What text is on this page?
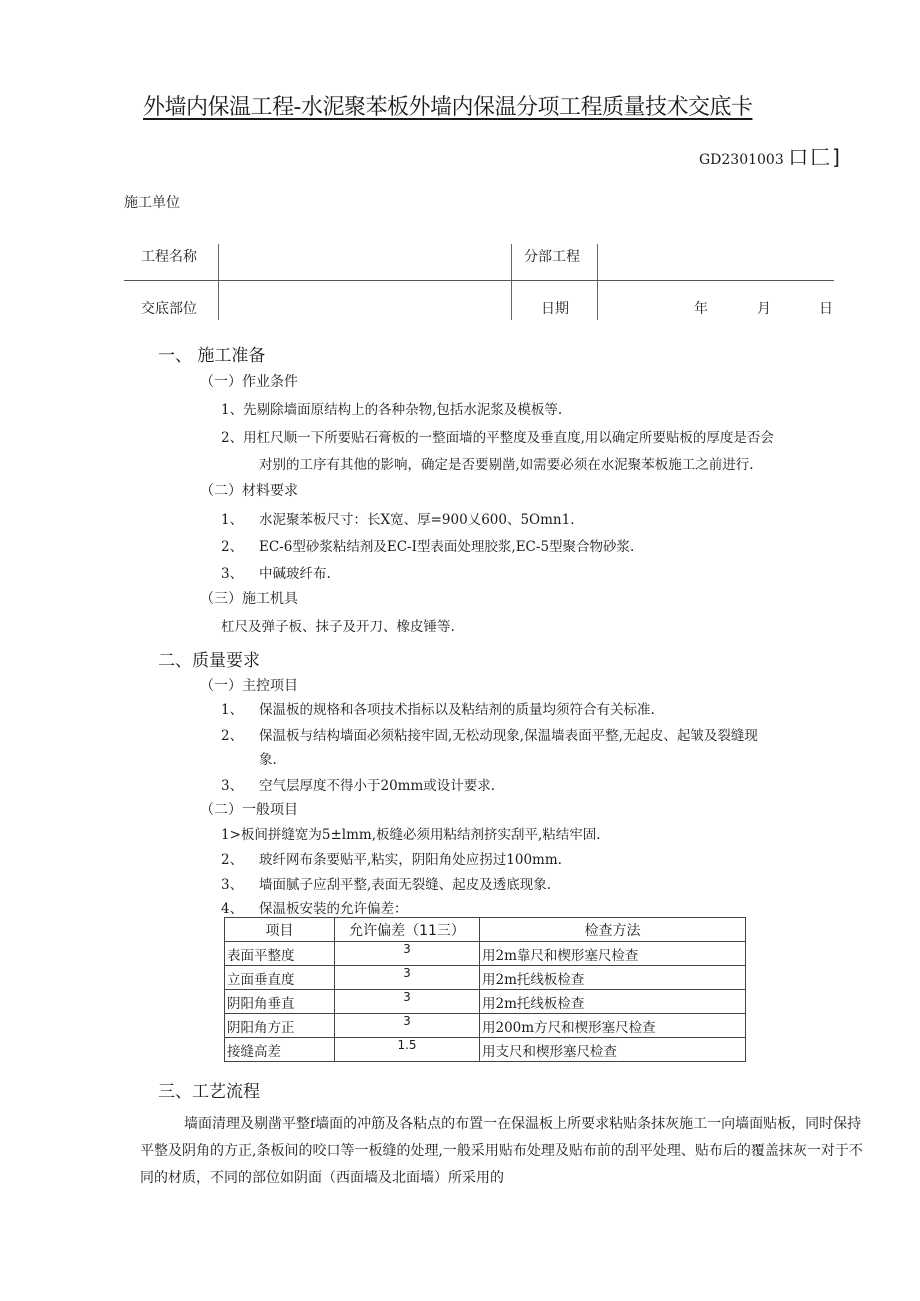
外墙内保温工程-水泥聚苯板外墙内保温分项工程质量技术交底卡
GD2301003 口匚]
施工单位
工程名称	分部工程
交底部位	日期	年	月	日
一、 施工准备
（一）作业条件
1、先剔除墙面原结构上的各种杂物,包括水泥浆及模板等.
2、用杠尺顺一下所要贴石膏板的一整面墙的平整度及垂直度,用以确定所要贴板的厚度是否会
对别的工序有其他的影响，确定是否要剔凿,如需要必须在水泥聚苯板施工之前进行.
（二）材料要求
1、 水泥聚苯板尺寸：长X宽、厚=900乂600、5Omn1.
2、 EC-6型砂浆粘结剂及EC-I型表面处理胶浆,EC-5型聚合物砂浆.
3、 中碱玻纤布.
（三）施工机具
杠尺及弹子板、抹子及开刀、橡皮锤等.
二、质量要求
（一）主控项目
1、 保温板的规格和各项技术指标以及粘结剂的质量均须符合有关标准.
2、 保温板与结构墙面必须粘接牢固,无松动现象,保温墙表面平整,无起皮、起皱及裂缝现
象.
3、 空气层厚度不得小于20mm或设计要求.
（二）一般项目
1>板间拼缝宽为5±lmm,板缝必须用粘结剂挤实刮平,粘结牢固.
2、 玻纤网布条要贴平,粘实，阴阳角处应拐过100mm.
3、 墙面腻子应刮平整,表面无裂缝、起皮及透底现象.
4、 保温板安装的允许偏差：
项目	允许偏差（11三）	检查方法
表面平整度	3	用2m靠尺和楔形塞尺检查
立面垂直度	3	用2m托线板检查
阴阳角垂直	3	用2m托线板检查
阴阳角方正	3	用200m方尺和楔形塞尺检查
接缝高差	1.5	用支尺和楔形塞尺检查
三、工艺流程
墙面清理及剔凿平整f墙面的冲筋及各粘点的布置一在保温板上所要求粘贴条抹灰施工一向墙面贴板，同时保持平整及阴角的方正,条板间的咬口等一板缝的处理,一般采用贴布处理及贴布前的刮平处理、贴布后的覆盖抹灰一对于不同的材质，不同的部位如阴面（西面墙及北面墙）所采用的
